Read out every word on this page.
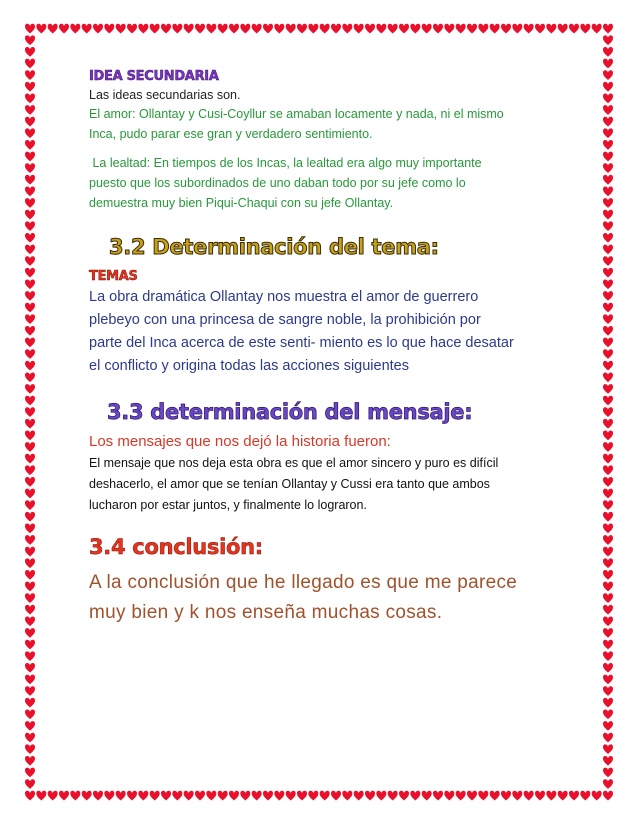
IDEA SECUNDARIA

Las ideas secundarias son.

El amor: Ollantay y Cusi-Coyllur se amaban locamente y nada, ni el mismo

Inca, pudo parar ese gran y verdadero sentimiento.

La lealtad: En tiempos de los Incas, la lealtad era algo muy importante

puesto que los subordinados de uno daban todo por su jefe como lo

demuestra muy bien Piqui-Chaqui con su jefe Ollantay.

3.2 Determinación del tema:
TEMAS

La obra dramática Ollantay nos muestra el amor de guerrero

plebeyo con una princesa de sangre noble, la prohibición por

parte del Inca acerca de este senti- miento es lo que hace desatar

el conflicto y origina todas las acciones siguientes

3.3 determinación del mensaje:

Los mensajes que nos dejó la historia fueron:

El mensaje que nos deja esta obra es que el amor sincero y puro es difícil

deshacerlo, el amor que se tenían Ollantay y Cussi era tanto que ambos

lucharon por estar juntos, y finalmente lo lograron.

3.4 conclusión:

A la conclusión que he llegado es que me parece

muy bien y k nos enseña muchas cosas.
